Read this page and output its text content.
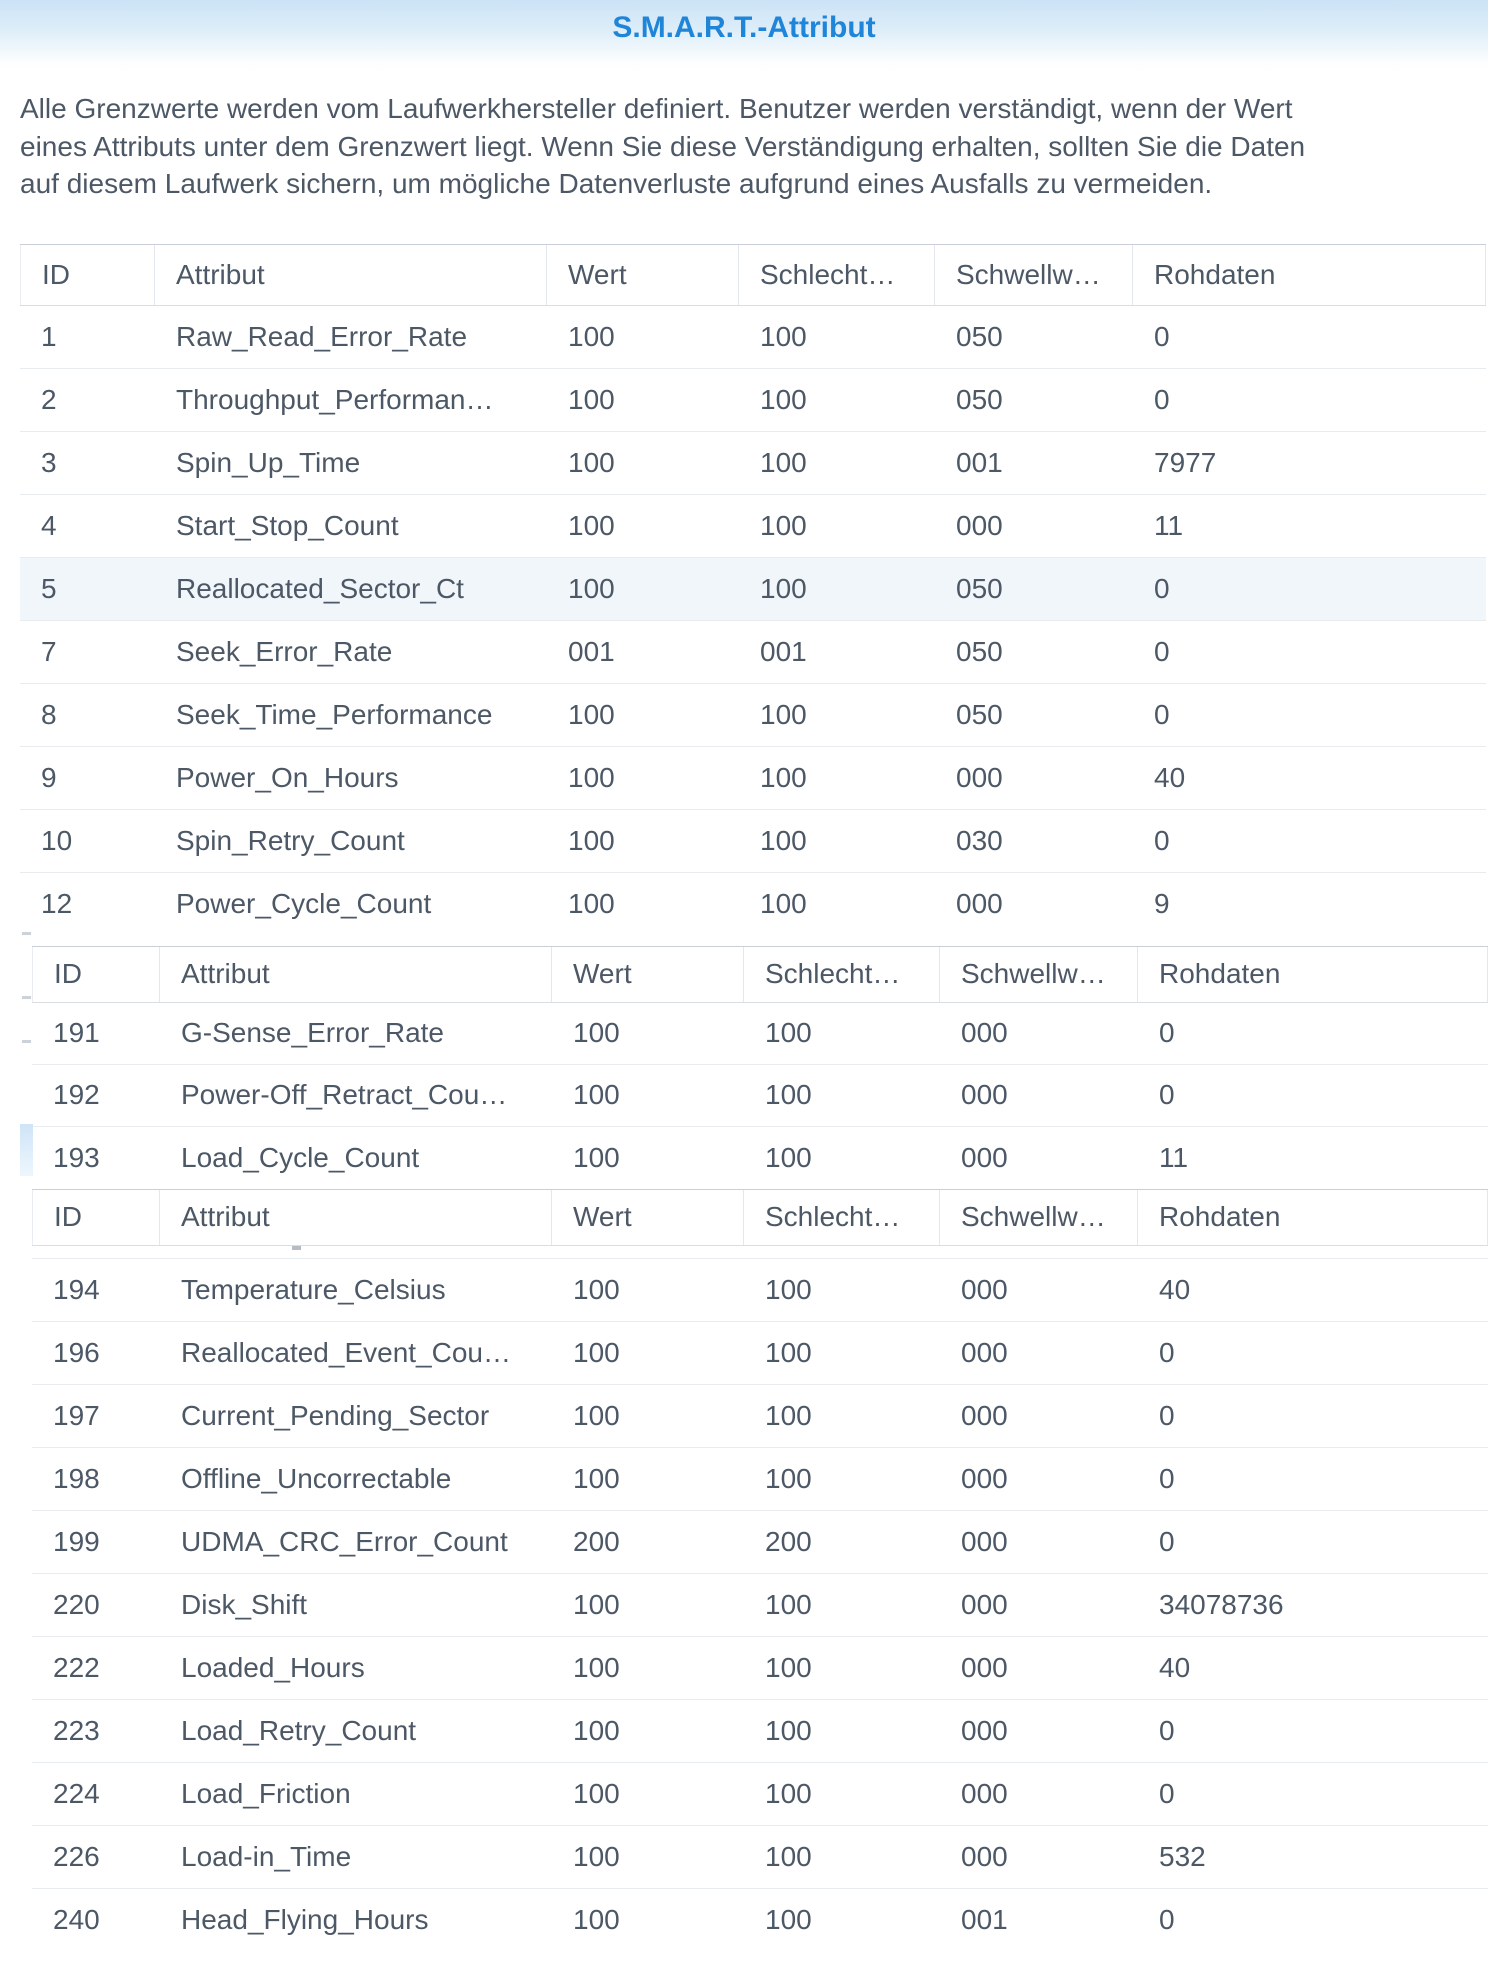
S.M.A.R.T.-Attribut
Alle Grenzwerte werden vom Laufwerkhersteller definiert. Benutzer werden verständigt, wenn der Wert
eines Attributs unter dem Grenzwert liegt. Wenn Sie diese Verständigung erhalten, sollten Sie die Daten
auf diesem Laufwerk sichern, um mögliche Datenverluste aufgrund eines Ausfalls zu vermeiden.
ID	Attribut	Wert	Schlecht…	Schwellw…	Rohdaten
1	Raw_Read_Error_Rate	100	100	050	0
2	Throughput_Performan…	100	100	050	0
3	Spin_Up_Time	100	100	001	7977
4	Start_Stop_Count	100	100	000	11
5	Reallocated_Sector_Ct	100	100	050	0
7	Seek_Error_Rate	001	001	050	0
8	Seek_Time_Performance	100	100	050	0
9	Power_On_Hours	100	100	000	40
10	Spin_Retry_Count	100	100	030	0
12	Power_Cycle_Count	100	100	000	9
ID	Attribut	Wert	Schlecht…	Schwellw…	Rohdaten
191	G-Sense_Error_Rate	100	100	000	0
192	Power-Off_Retract_Cou…	100	100	000	0
193	Load_Cycle_Count	100	100	000	11
ID	Attribut	Wert	Schlecht…	Schwellw…	Rohdaten
194	Temperature_Celsius	100	100	000	40
196	Reallocated_Event_Cou…	100	100	000	0
197	Current_Pending_Sector	100	100	000	0
198	Offline_Uncorrectable	100	100	000	0
199	UDMA_CRC_Error_Count	200	200	000	0
220	Disk_Shift	100	100	000	34078736
222	Loaded_Hours	100	100	000	40
223	Load_Retry_Count	100	100	000	0
224	Load_Friction	100	100	000	0
226	Load-in_Time	100	100	000	532
240	Head_Flying_Hours	100	100	001	0
